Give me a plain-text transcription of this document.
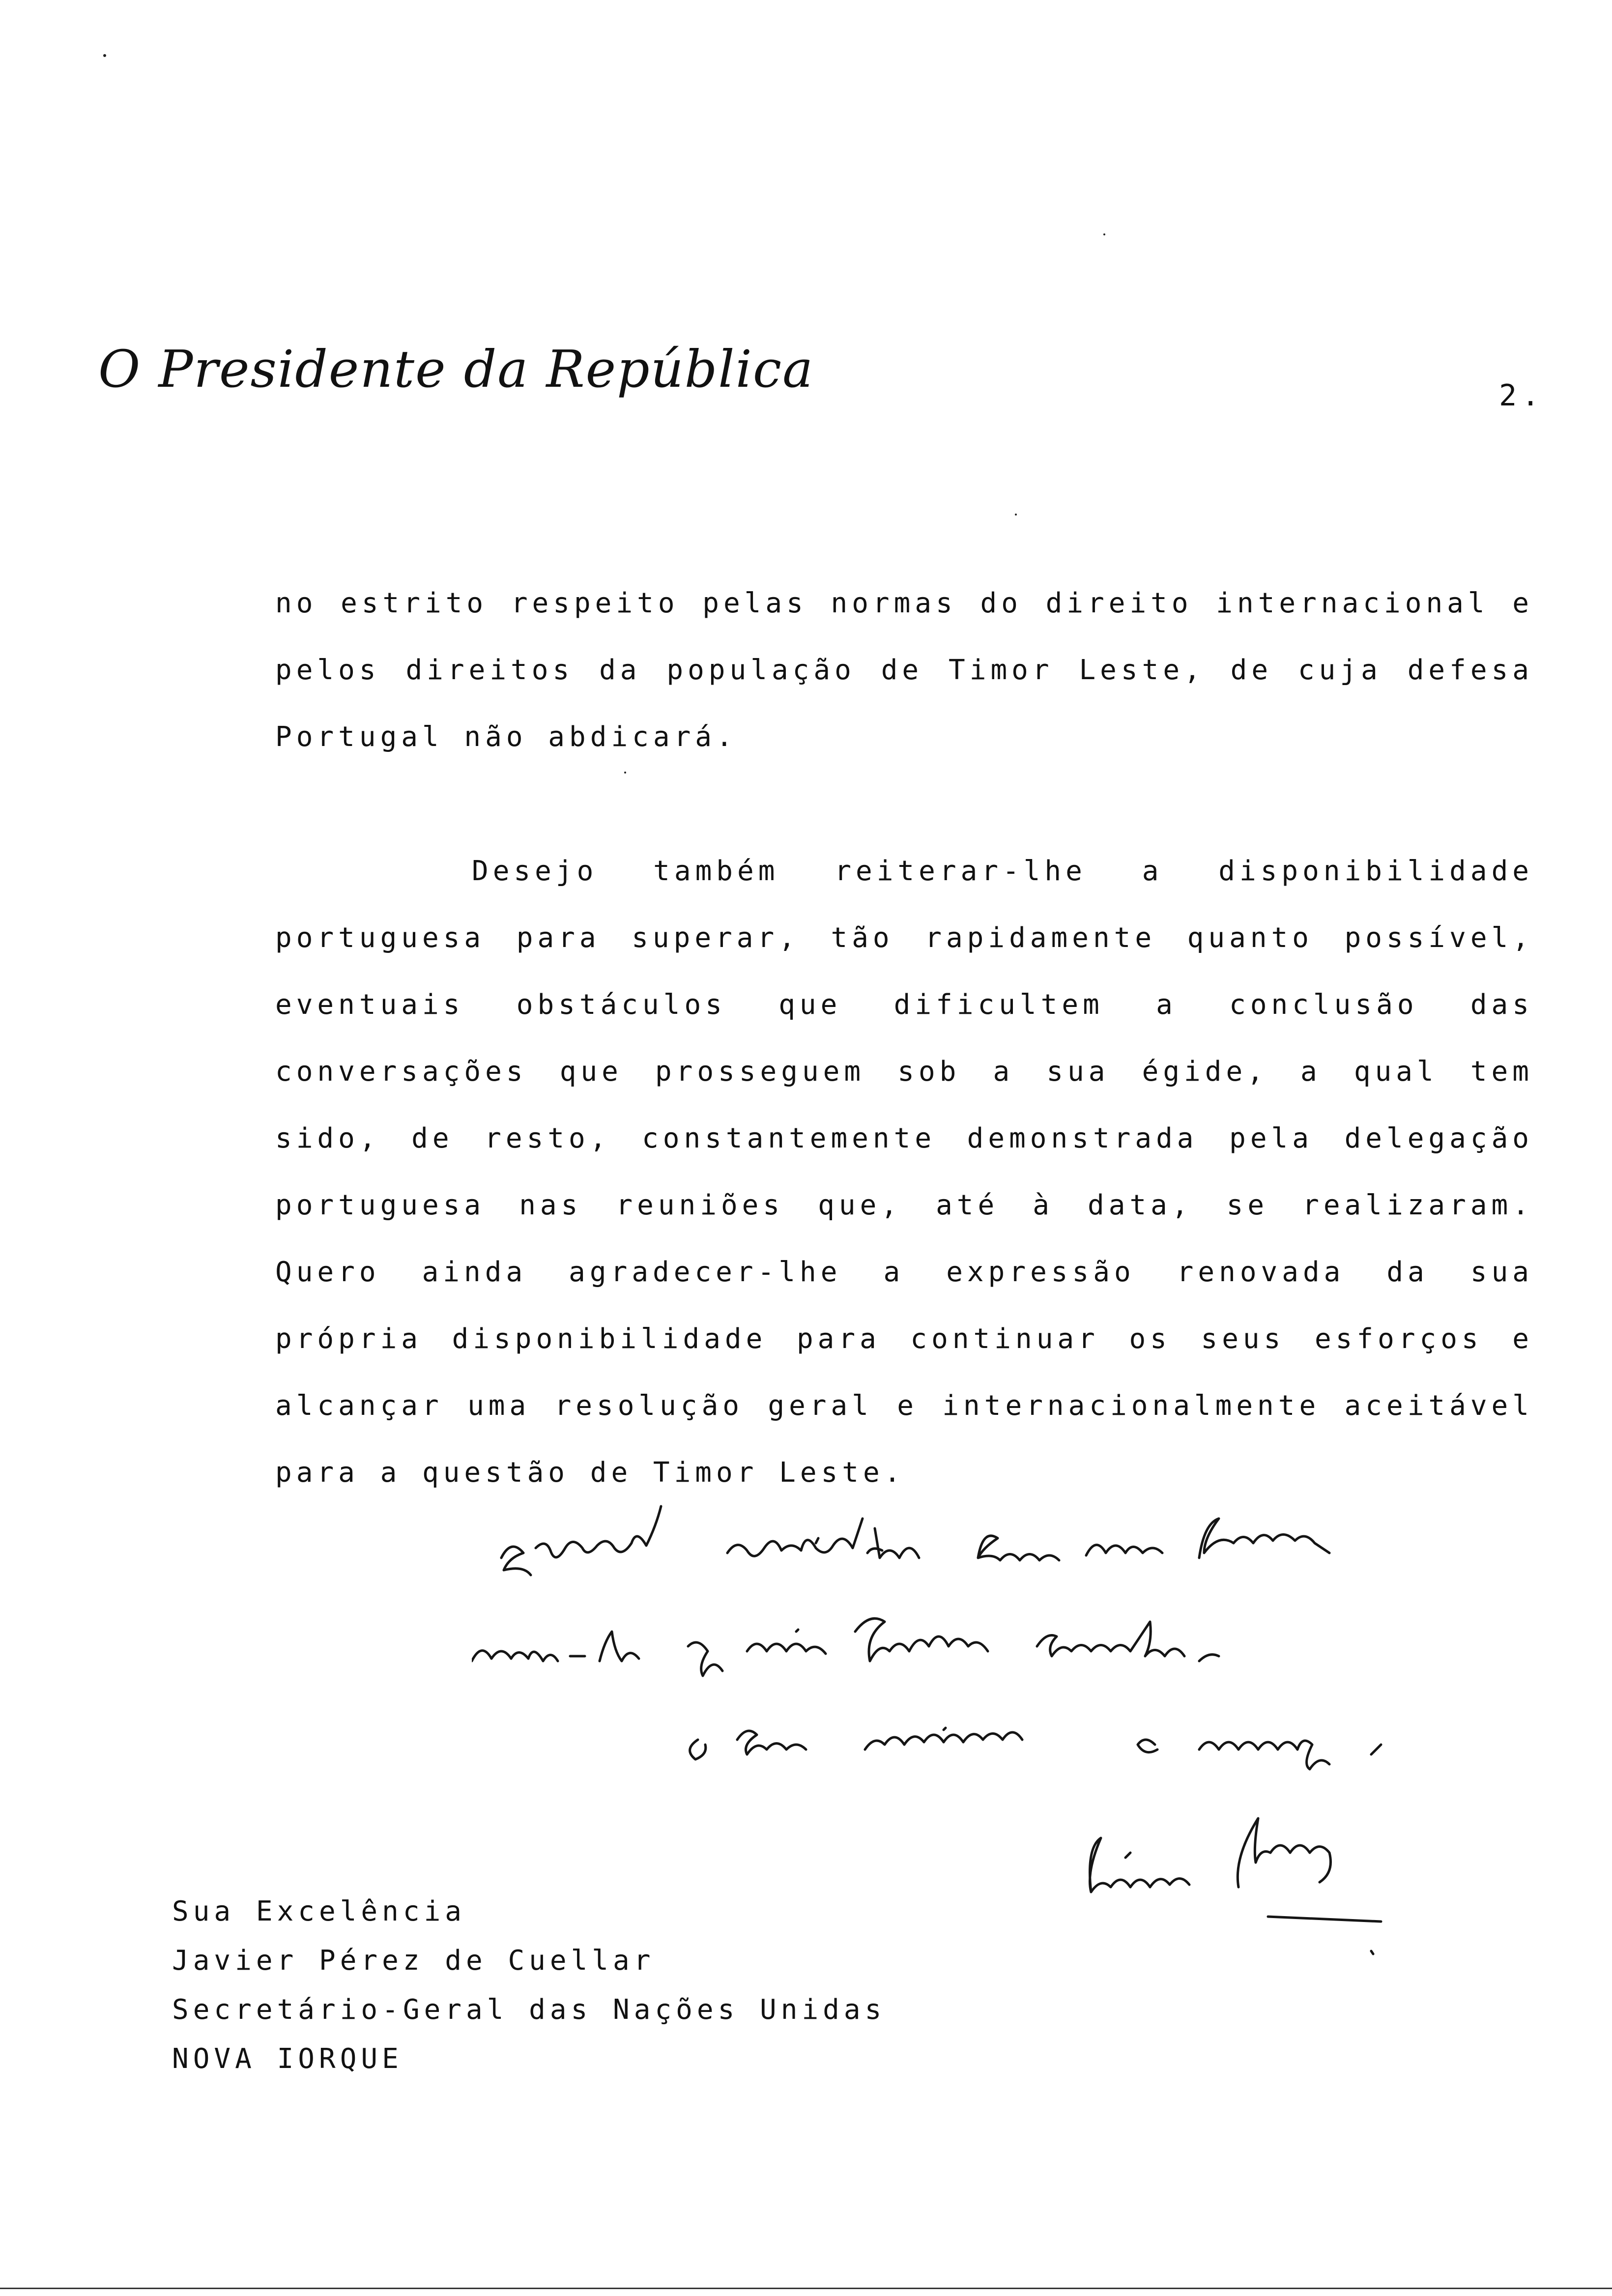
O Presidente da República	2.
no estrito respeito pelas normas do direito internacional e pelos direitos da população de Timor Leste, de cuja defesa Portugal não abdicará.
Desejo também reiterar-lhe a disponibilidade portuguesa para superar, tão rapidamente quanto possível, eventuais obstáculos que dificultem a conclusão das conversações que prosseguem sob a sua égide, a qual tem sido, de resto, constantemente demonstrada pela delegação portuguesa nas reuniões que, até à data, se realizaram. Quero ainda agradecer-lhe a expressão renovada da sua própria disponibilidade para continuar os seus esforços e alcançar uma resolução geral e internacionalmente aceitável para a questão de Timor Leste.
Sua Excelência
Javier Pérez de Cuellar
Secretário-Geral das Nações Unidas
NOVA IORQUE
